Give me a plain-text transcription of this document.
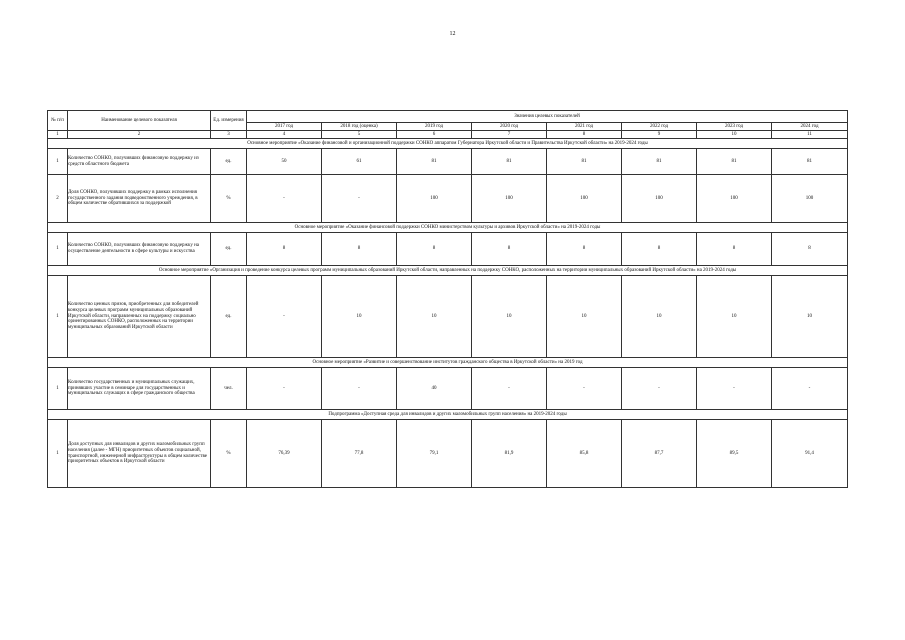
12
№ п/п	Наименование целевого показателя	Ед. измерения	Значения целевых показателей							
			2017 год	2018 год (оценка)	2019 год	2020 год	2021 год	2022 год	2023 год	2024 год
1	2	3	4	5	6	7	8	9	10	11
Основное мероприятие «Оказание финансовой и организационной поддержки СОНКО аппаратом Губернатора Иркутской области и Правительства Иркутской области» на 2019-2024 годы										
1	Количество СОНКО, получивших финансовую поддержку из средств областного бюджета	ед.	50	61	81	81	81	81	81	81
2	Доля СОНКО, получивших поддержку в рамках исполнения государственного задания подведомственного учреждения, в общем количестве обратившихся за поддержкой	%	-	-	100	100	100	100	100	100
Основное мероприятие «Оказание финансовой поддержки СОНКО министерством культуры и архивов Иркутской области» на 2019-2024 годы										
1	Количество СОНКО, получивших финансовую поддержку на осуществление деятельности в сфере культуры и искусства	ед.	8	8	8	8	8	8	8	8
Основное мероприятие «Организация и проведение конкурса целевых программ муниципальных образований Иркутской области, направленных на поддержку СОНКО, расположенных на территории муниципальных образований Иркутской области» на 2019-2024 годы										
1	Количество ценных призов, приобретенных для победителей конкурса целевых программ муниципальных образований Иркутской области, направленных на поддержку социально ориентированных СОНКО, расположенных на территории муниципальных образований Иркутской области	ед.	-	10	10	10	10	10	10	10
Основное мероприятие «Развитие и совершенствование институтов гражданского общества в Иркутской области» на 2019 год										
1	Количество государственных и муниципальных служащих, принявших участие в семинаре для государственных и муниципальных служащих в сфере гражданского общества	чел.	-	-	40	-	-	-	-	-
Подпрограмма «Доступная среда для инвалидов и других маломобильных групп населения» на 2019-2024 годы										
1	Доля доступных для инвалидов и других маломобильных групп населения (далее - МГН) приоритетных объектов социальной, транспортной, инженерной инфраструктуры в общем количестве приоритетных объектов в Иркутской области	%	76,39	77,8	79,1	81,9	85,8	87,7	89,5	91,4
